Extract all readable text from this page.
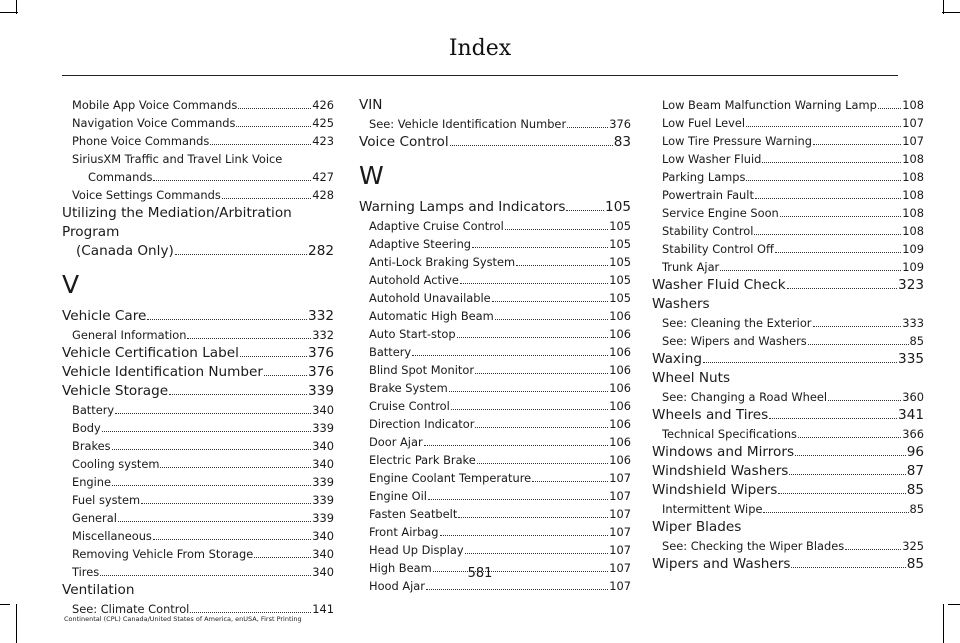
Index
Mobile App Voice Commands	426
Navigation Voice Commands	425
Phone Voice Commands	423
SiriusXM Traffic and Travel Link Voice
Commands	427
Voice Settings Commands	428
Utilizing the Mediation/Arbitration Program
(Canada Only)	282
V
Vehicle Care	332
General Information	332
Vehicle Certification Label	376
Vehicle Identification Number	376
Vehicle Storage	339
Battery	340
Body	339
Brakes	340
Cooling system	340
Engine	339
Fuel system	339
General	339
Miscellaneous	340
Removing Vehicle From Storage	340
Tires	340
Ventilation
See: Climate Control	141
VIN
See: Vehicle Identification Number	376
Voice Control	83
W
Warning Lamps and Indicators	105
Adaptive Cruise Control	105
Adaptive Steering	105
Anti-Lock Braking System	105
Autohold Active	105
Autohold Unavailable	105
Automatic High Beam	106
Auto Start-stop	106
Battery	106
Blind Spot Monitor	106
Brake System	106
Cruise Control	106
Direction Indicator	106
Door Ajar	106
Electric Park Brake	106
Engine Coolant Temperature	107
Engine Oil	107
Fasten Seatbelt	107
Front Airbag	107
Head Up Display	107
High Beam	107
Hood Ajar	107
Low Beam Malfunction Warning Lamp 108
Low Fuel Level	107
Low Tire Pressure Warning	107
Low Washer Fluid	108
Parking Lamps	108
Powertrain Fault	108
Service Engine Soon	108
Stability Control	108
Stability Control Off	109
Trunk Ajar	109
Washer Fluid Check	323
Washers
See: Cleaning the Exterior	333
See: Wipers and Washers	85
Waxing	335
Wheel Nuts
See: Changing a Road Wheel	360
Wheels and Tires	341
Technical Specifications	366
Windows and Mirrors	96
Windshield Washers	87
Windshield Wipers	85
Intermittent Wipe	85
Wiper Blades
See: Checking the Wiper Blades	325
Wipers and Washers	85
581
Continental (CPL) Canada/United States of America, enUSA, First Printing
